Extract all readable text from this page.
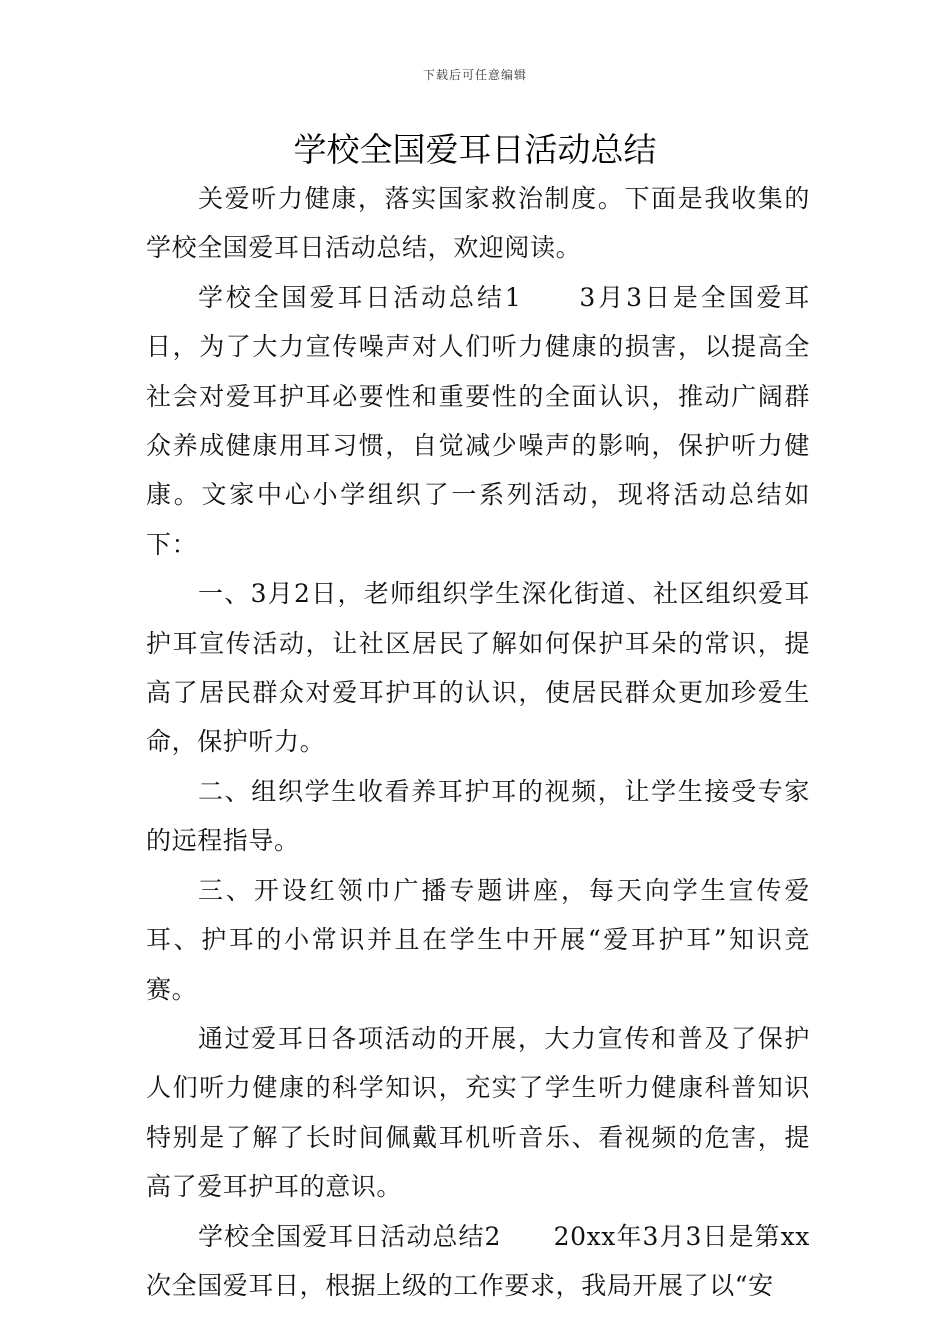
下载后可任意编辑
学校全国爱耳日活动总结

关爱听力健康，落实国家救治制度。下面是我收集的学校全国爱耳日活动总结，欢迎阅读。

学校全国爱耳日活动总结1　　3月3日是全国爱耳日，为了大力宣传噪声对人们听力健康的损害，以提高全社会对爱耳护耳必要性和重要性的全面认识，推动广阔群众养成健康用耳习惯，自觉减少噪声的影响，保护听力健康。文家中心小学组织了一系列活动，现将活动总结如下：

一、3月2日，老师组织学生深化街道、社区组织爱耳护耳宣传活动，让社区居民了解如何保护耳朵的常识，提高了居民群众对爱耳护耳的认识，使居民群众更加珍爱生命，保护听力。

二、组织学生收看养耳护耳的视频，让学生接受专家的远程指导。

三、开设红领巾广播专题讲座，每天向学生宣传爱耳、护耳的小常识并且在学生中开展“爱耳护耳”知识竞赛。

通过爱耳日各项活动的开展，大力宣传和普及了保护人们听力健康的科学知识，充实了学生听力健康科普知识特别是了解了长时间佩戴耳机听音乐、看视频的危害，提高了爱耳护耳的意识。

学校全国爱耳日活动总结2　　20xx年3月3日是第xx次全国爱耳日，根据上级的工作要求，我局开展了以“安
